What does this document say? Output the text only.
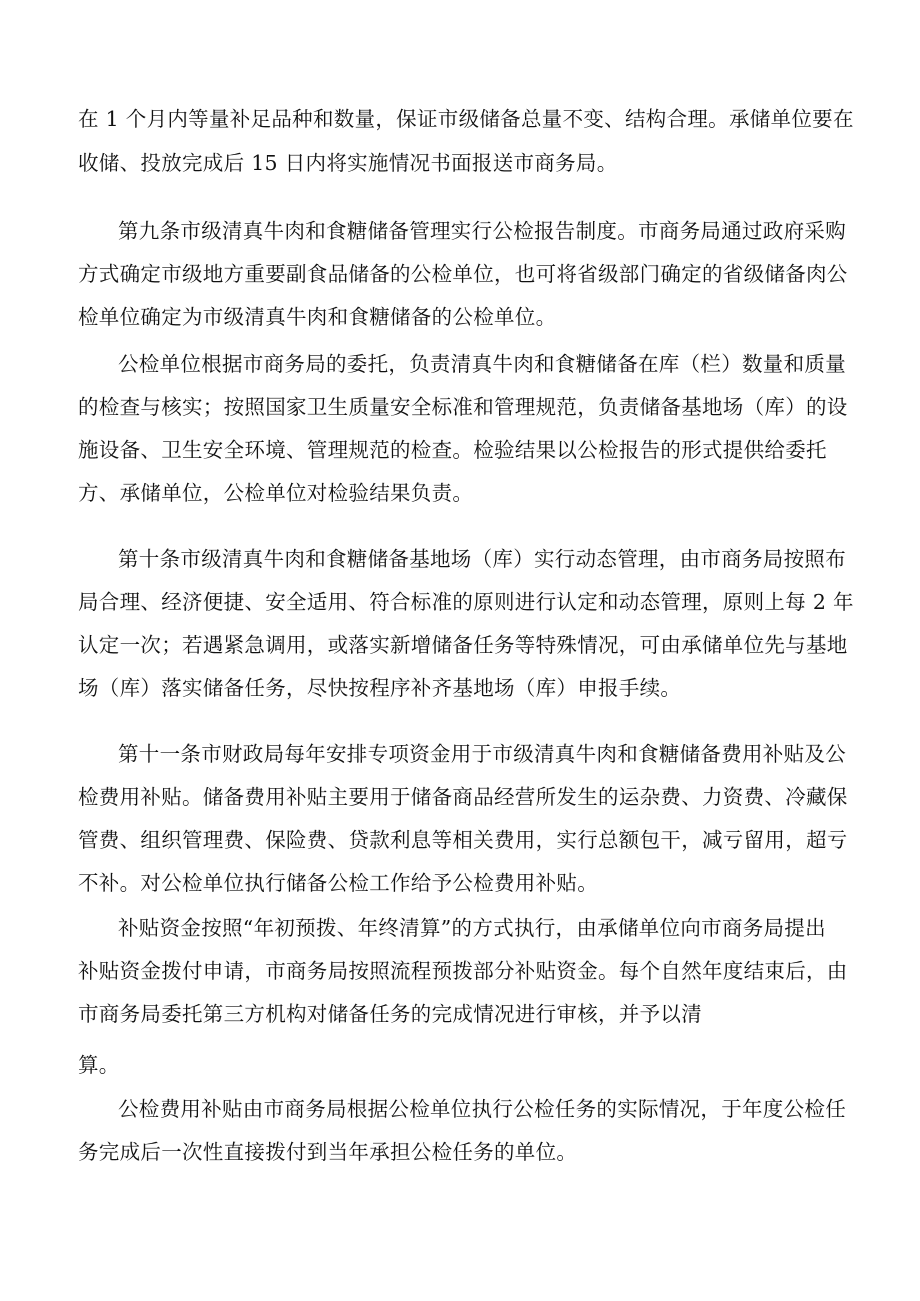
在 1 个月内等量补足品种和数量，保证市级储备总量不变、结构合理。承储单位要在
收储、投放完成后 15 日内将实施情况书面报送市商务局。
第九条市级清真牛肉和食糖储备管理实行公检报告制度。市商务局通过政府采购
方式确定市级地方重要副食品储备的公检单位，也可将省级部门确定的省级储备肉公
检单位确定为市级清真牛肉和食糖储备的公检单位。
公检单位根据市商务局的委托，负责清真牛肉和食糖储备在库（栏）数量和质量
的检查与核实；按照国家卫生质量安全标准和管理规范，负责储备基地场（库）的设
施设备、卫生安全环境、管理规范的检查。检验结果以公检报告的形式提供给委托
方、承储单位，公检单位对检验结果负责。
第十条市级清真牛肉和食糖储备基地场（库）实行动态管理，由市商务局按照布
局合理、经济便捷、安全适用、符合标准的原则进行认定和动态管理，原则上每 2 年
认定一次；若遇紧急调用，或落实新增储备任务等特殊情况，可由承储单位先与基地
场（库）落实储备任务，尽快按程序补齐基地场（库）申报手续。
第十一条市财政局每年安排专项资金用于市级清真牛肉和食糖储备费用补贴及公
检费用补贴。储备费用补贴主要用于储备商品经营所发生的运杂费、力资费、冷藏保
管费、组织管理费、保险费、贷款利息等相关费用，实行总额包干，减亏留用，超亏
不补。对公检单位执行储备公检工作给予公检费用补贴。
补贴资金按照“年初预拨、年终清算”的方式执行，由承储单位向市商务局提出
补贴资金拨付申请，市商务局按照流程预拨部分补贴资金。每个自然年度结束后，由
市商务局委托第三方机构对储备任务的完成情况进行审核，并予以清
算。
公检费用补贴由市商务局根据公检单位执行公检任务的实际情况，于年度公检任
务完成后一次性直接拨付到当年承担公检任务的单位。
